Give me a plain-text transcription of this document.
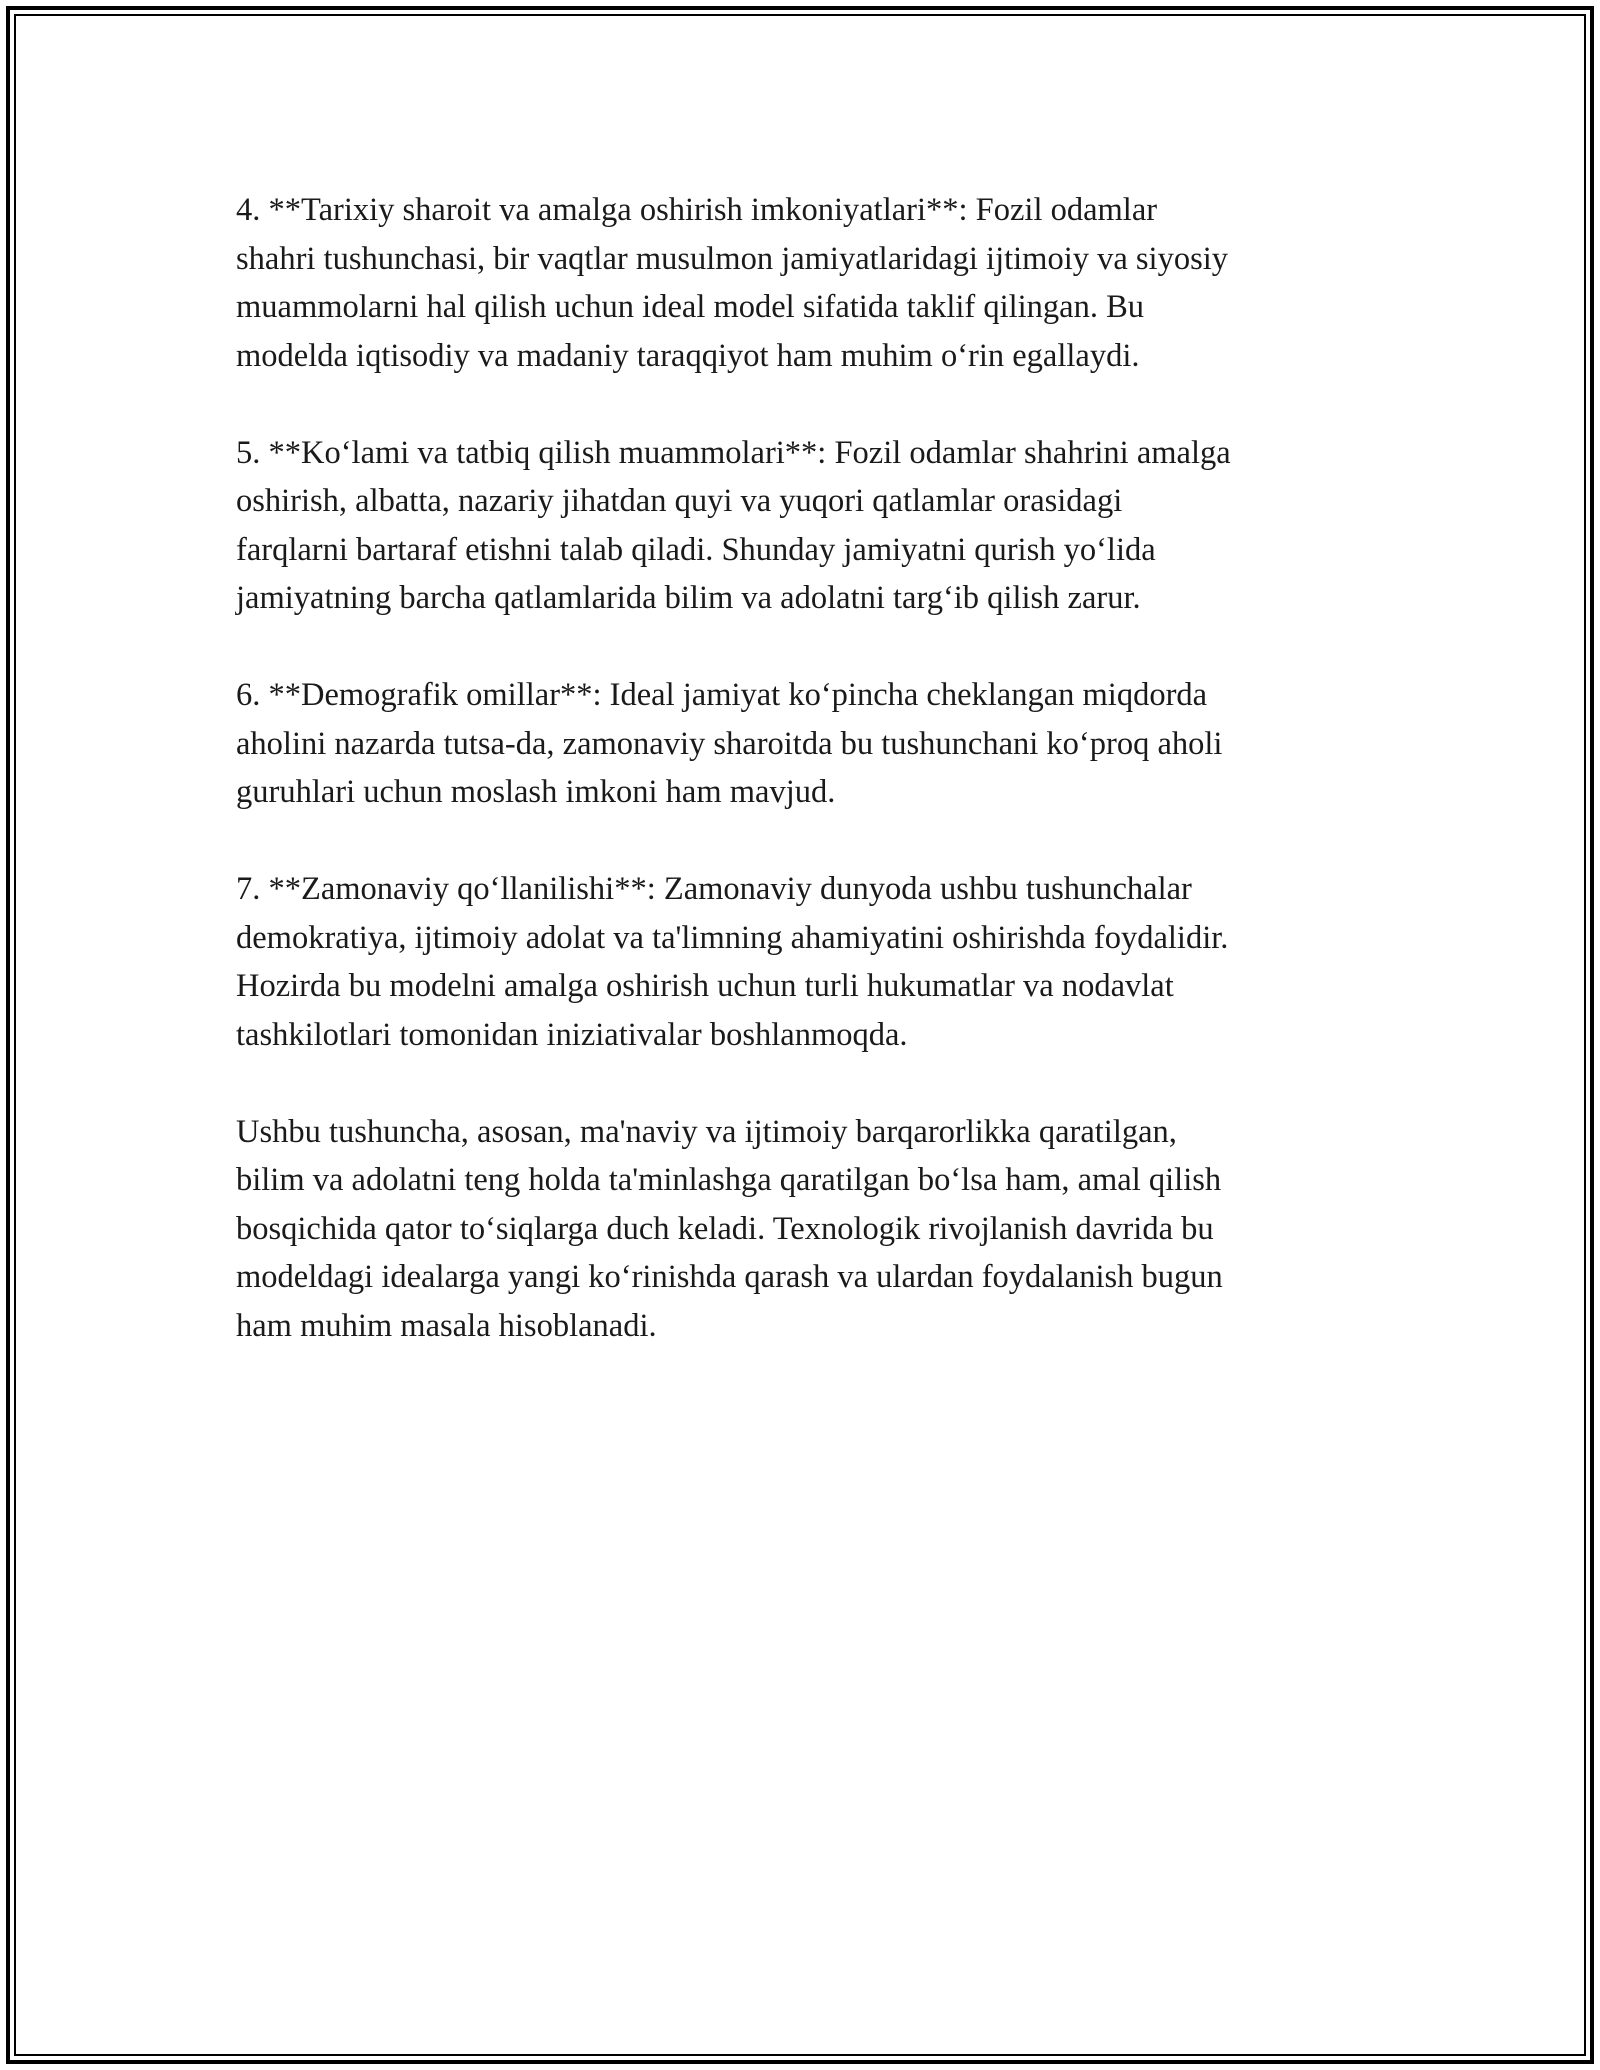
4. **Tarixiy sharoit va amalga oshirish imkoniyatlari**: Fozil odamlar
shahri tushunchasi, bir vaqtlar musulmon jamiyatlaridagi ijtimoiy va siyosiy
muammolarni hal qilish uchun ideal model sifatida taklif qilingan. Bu
modelda iqtisodiy va madaniy taraqqiyot ham muhim o‘rin egallaydi.

5. **Ko‘lami va tatbiq qilish muammolari**: Fozil odamlar shahrini amalga
oshirish, albatta, nazariy jihatdan quyi va yuqori qatlamlar orasidagi
farqlarni bartaraf etishni talab qiladi. Shunday jamiyatni qurish yo‘lida
jamiyatning barcha qatlamlarida bilim va adolatni targ‘ib qilish zarur.

6. **Demografik omillar**: Ideal jamiyat ko‘pincha cheklangan miqdorda
aholini nazarda tutsa-da, zamonaviy sharoitda bu tushunchani ko‘proq aholi
guruhlari uchun moslash imkoni ham mavjud.

7. **Zamonaviy qo‘llanilishi**: Zamonaviy dunyoda ushbu tushunchalar
demokratiya, ijtimoiy adolat va ta'limning ahamiyatini oshirishda foydalidir.
Hozirda bu modelni amalga oshirish uchun turli hukumatlar va nodavlat
tashkilotlari tomonidan iniziativalar boshlanmoqda.

Ushbu tushuncha, asosan, ma'naviy va ijtimoiy barqarorlikka qaratilgan,
bilim va adolatni teng holda ta'minlashga qaratilgan bo‘lsa ham, amal qilish
bosqichida qator to‘siqlarga duch keladi. Texnologik rivojlanish davrida bu
modeldagi idealarga yangi ko‘rinishda qarash va ulardan foydalanish bugun
ham muhim masala hisoblanadi.
